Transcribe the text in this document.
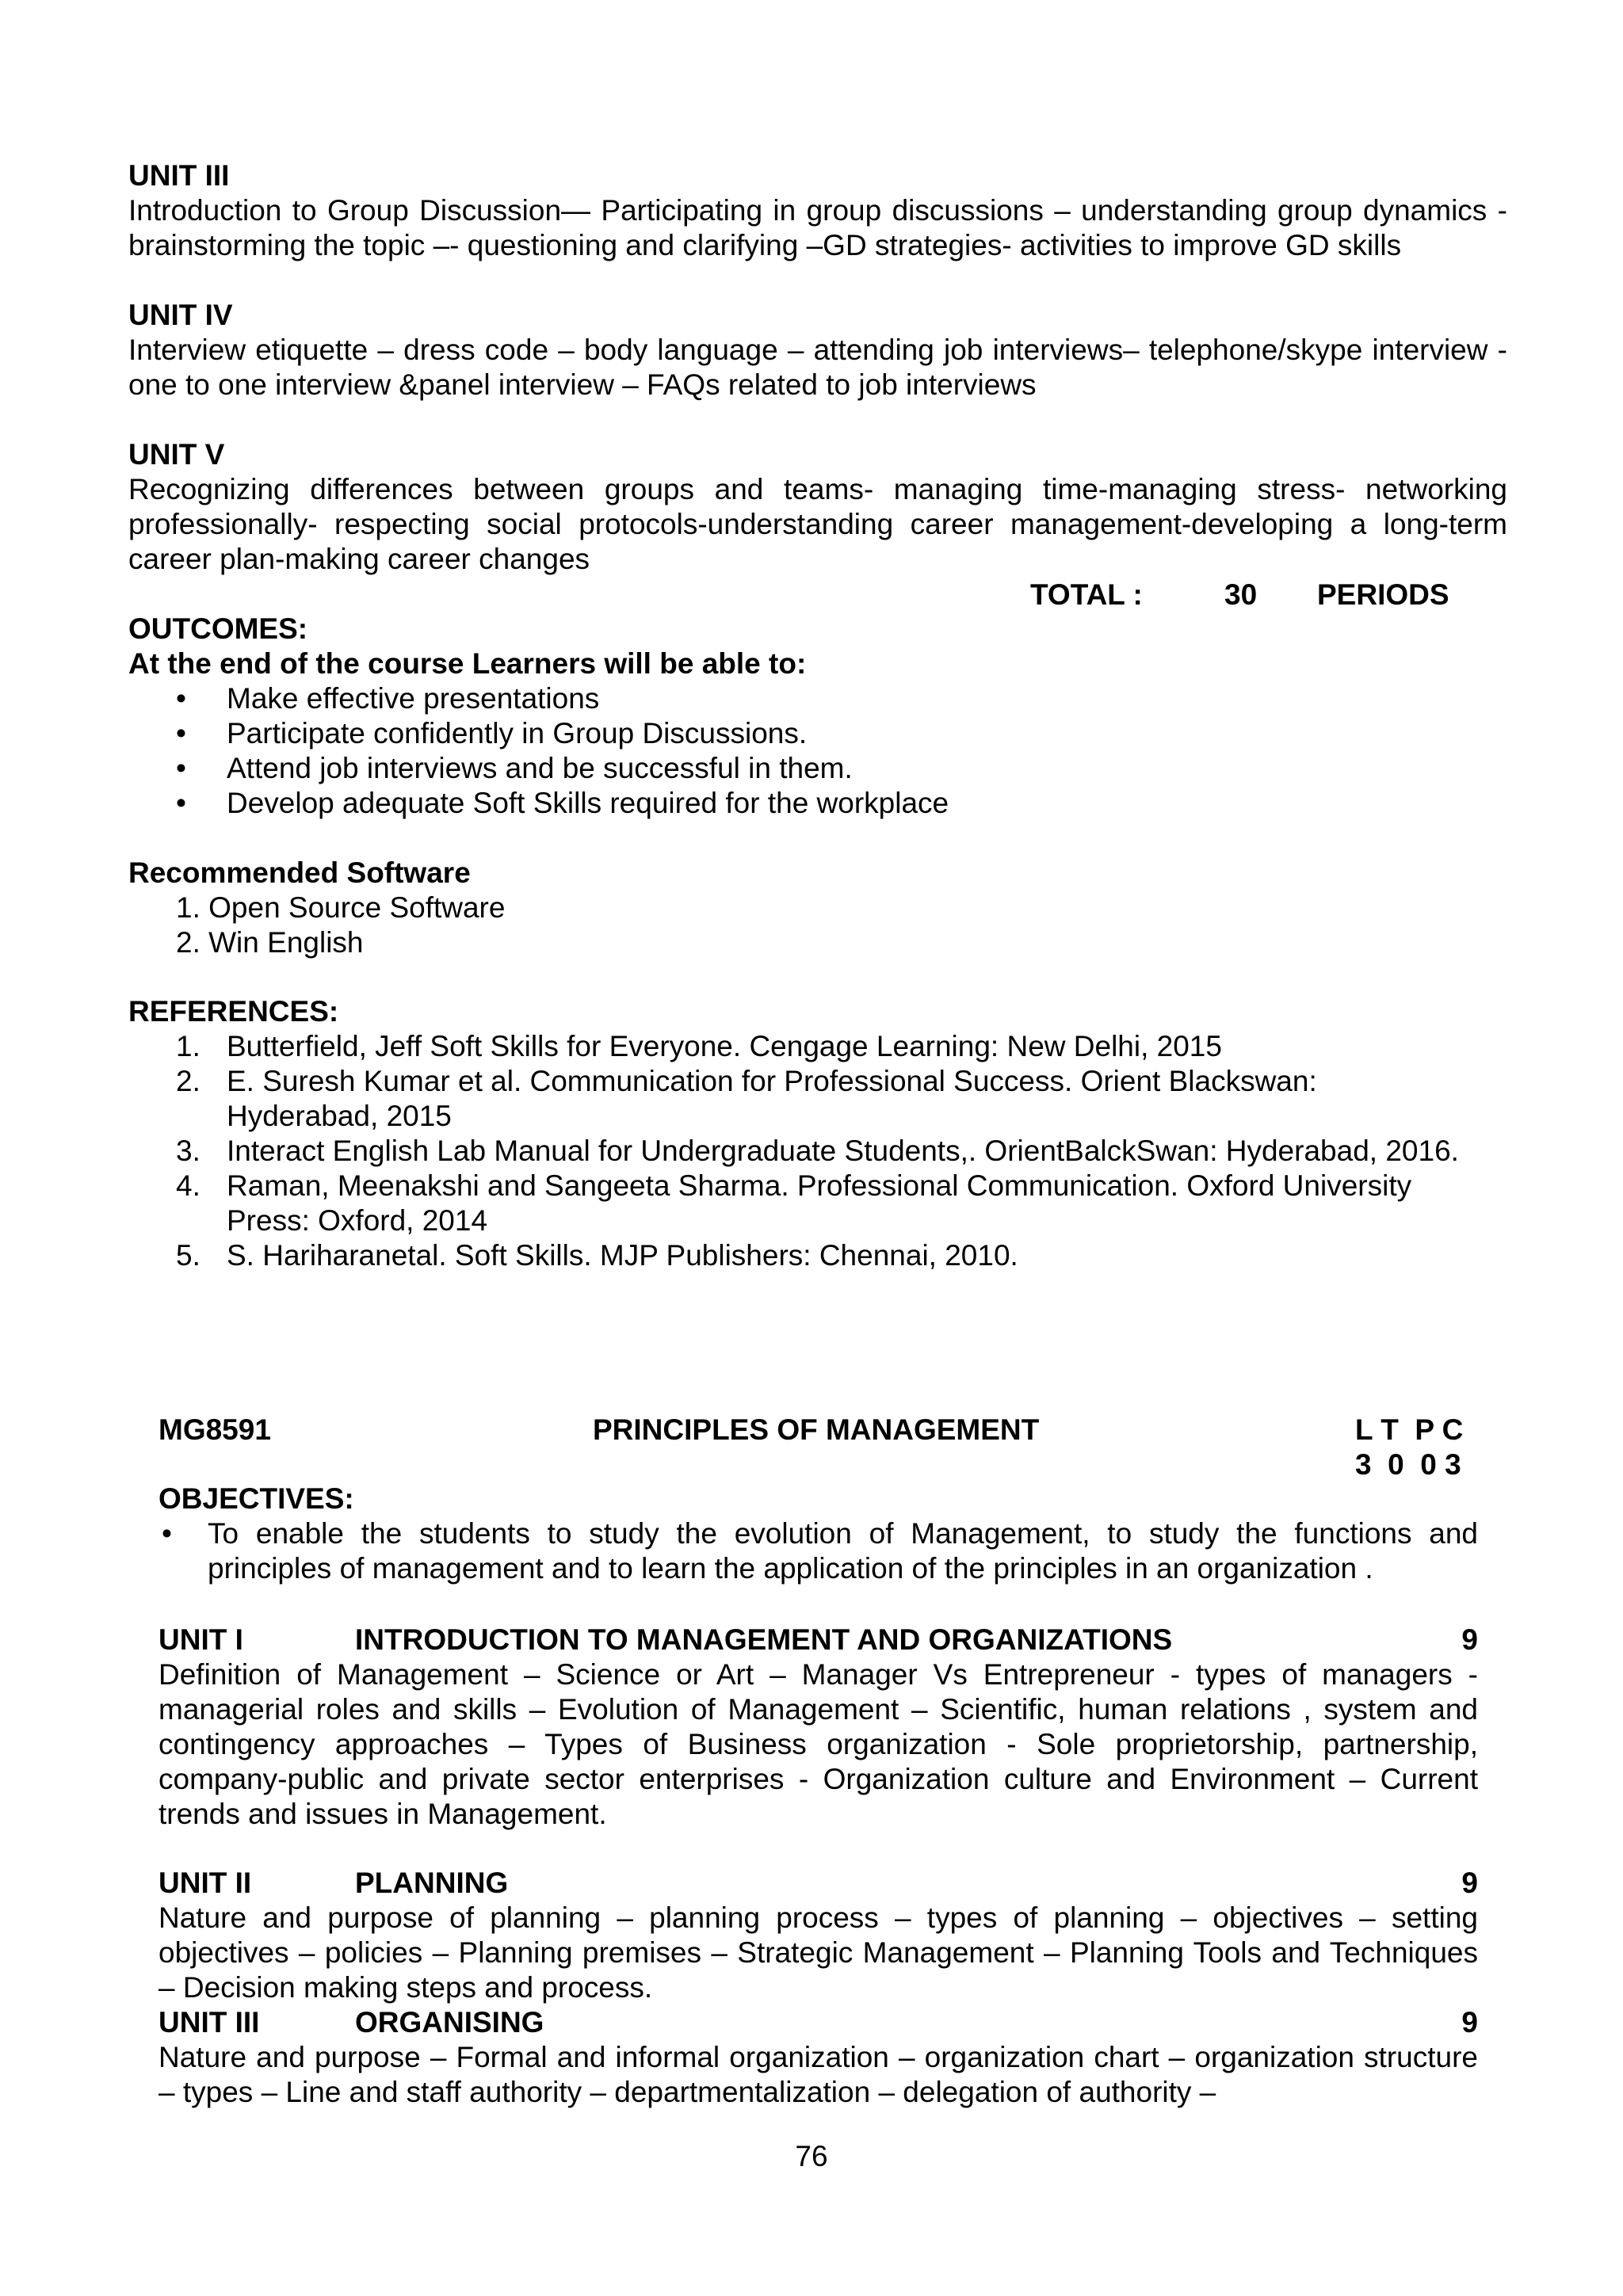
UNIT III

Introduction to Group Discussion— Participating in group discussions – understanding group dynamics - brainstorming the topic –- questioning and clarifying –GD strategies- activities to improve GD skills

UNIT IV

Interview etiquette – dress code – body language – attending job interviews– telephone/skype interview -one to one interview &panel interview – FAQs related to job interviews

UNIT V

Recognizing differences between groups and teams- managing time-managing stress- networking professionally- respecting social protocols-understanding career management-developing a long-term career plan-making career changes

TOTAL :	30 PERIODS
OUTCOMES:
At the end of the course Learners will be able to:
• Make effective presentations
• Participate confidently in Group Discussions.
• Attend job interviews and be successful in them.
• Develop adequate Soft Skills required for the workplace
Recommended Software
1. Open Source Software
2. Win English
REFERENCES:
1. Butterfield, Jeff Soft Skills for Everyone. Cengage Learning: New Delhi, 2015
2. E. Suresh Kumar et al. Communication for Professional Success. Orient Blackswan: Hyderabad, 2015
3. Interact English Lab Manual for Undergraduate Students,. OrientBalckSwan: Hyderabad, 2016.
4. Raman, Meenakshi and Sangeeta Sharma. Professional Communication. Oxford University Press: Oxford, 2014
5. S. Hariharanetal. Soft Skills. MJP Publishers: Chennai, 2010.
MG8591	PRINCIPLES OF MANAGEMENT	L T  P C
3  0  0 3
OBJECTIVES:
• To enable the students to study the evolution of Management, to study the functions and principles of management and to learn the application of the principles in an organization .

UNIT I	INTRODUCTION TO MANAGEMENT AND ORGANIZATIONS	9

Definition of Management – Science or Art – Manager Vs Entrepreneur - types of managers - managerial roles and skills – Evolution of Management – Scientific, human relations , system and contingency approaches – Types of Business organization - Sole proprietorship, partnership, company-public and private sector enterprises - Organization culture and Environment – Current trends and issues in Management.

UNIT II	PLANNING	9

Nature and purpose of planning – planning process – types of planning – objectives – setting objectives – policies – Planning premises – Strategic Management – Planning Tools and Techniques – Decision making steps and process.

UNIT III	ORGANISING	9

Nature and purpose – Formal and informal organization – organization chart – organization structure – types – Line and staff authority – departmentalization – delegation of authority –

76
